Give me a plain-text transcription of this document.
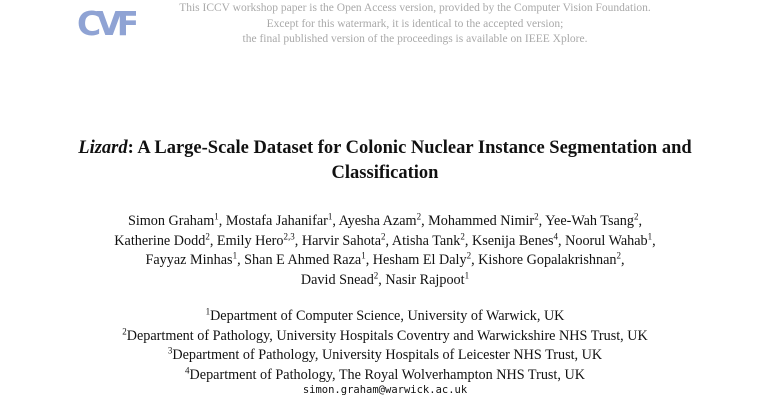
CVF	This ICCV workshop paper is the Open Access version, provided by the Computer Vision Foundation.
Except for this watermark, it is identical to the accepted version;
the final published version of the proceedings is available on IEEE Xplore.
Lizard: A Large-Scale Dataset for Colonic Nuclear Instance Segmentation and
Classification
Simon Graham$^1$, Mostafa Jahanifar$^1$, Ayesha Azam$^2$, Mohammed Nimir$^2$, Yee-Wah Tsang$^2$,
Katherine Dodd$^2$, Emily Hero$^{2,3}$, Harvir Sahota$^2$, Atisha Tank$^2$, Ksenija Benes$^4$, Noorul Wahab$^1$,
Fayyaz Minhas$^1$, Shan E Ahmed Raza$^1$, Hesham El Daly$^2$, Kishore Gopalakrishnan$^2$,
David Snead$^2$, Nasir Rajpoot$^1$
$^1$Department of Computer Science, University of Warwick, UK
$^2$Department of Pathology, University Hospitals Coventry and Warwickshire NHS Trust, UK
$^3$Department of Pathology, University Hospitals of Leicester NHS Trust, UK
$^4$Department of Pathology, The Royal Wolverhampton NHS Trust, UK
simon.graham@warwick.ac.uk
